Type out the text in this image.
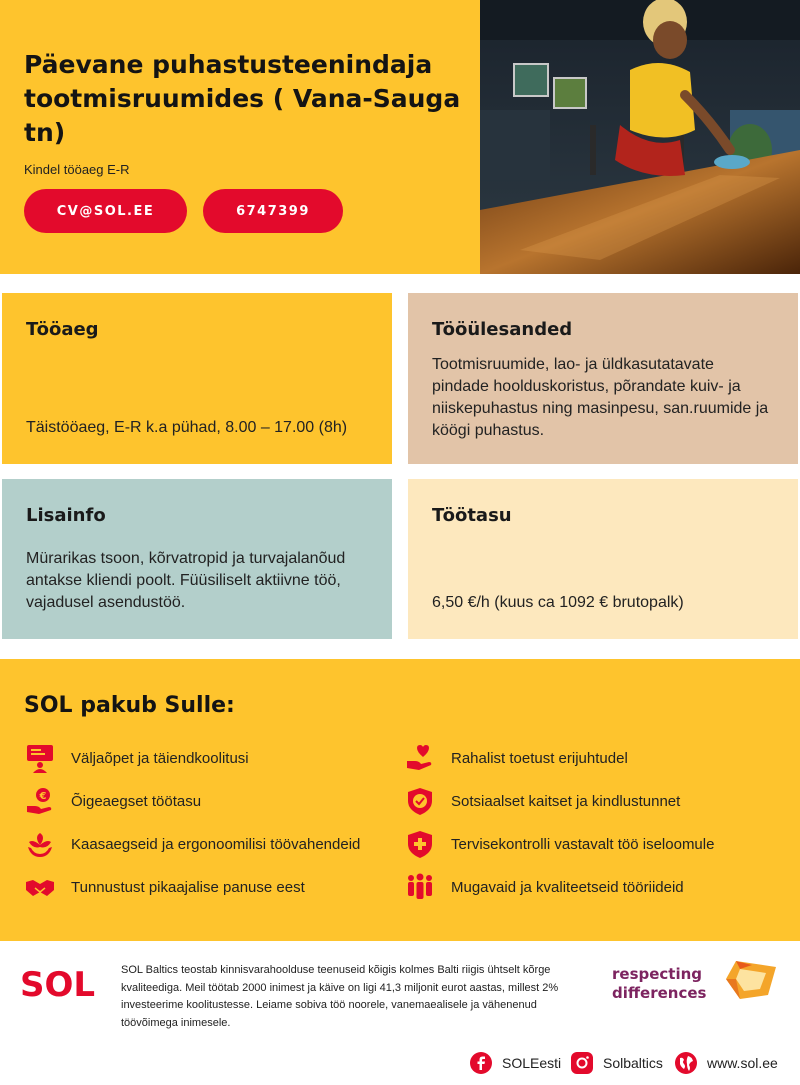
Päevane puhastusteenindaja tootmisruumides ( Vana-Sauga tn)
Kindel tööaeg E-R
CV@SOL.EE	6747399
Tööaeg

Täistööaeg, E-R k.a pühad, 8.00 – 17.00 (8h)

Tööülesanded

Tootmisruumide, lao- ja üldkasutatavate pindade hoolduskoristus, põrandate kuiv- ja niiskepuhastus ning masinpesu, san.ruumide ja köögi puhastus.

Lisainfo

Mürarikas tsoon, kõrvatropid ja turvajalanõud antakse kliendi poolt. Füüsiliselt aktiivne töö, vajadusel asendustöö.

Töötasu

6,50 €/h (kuus ca 1092 € brutopalk)

SOL pakub Sulle:
Väljaõpet ja täiendkoolitusi
€ Õigeaegset töötasu
Kaasaegseid ja ergonoomilisi töövahendeid
Tunnustust pikaajalise panuse eest
Rahalist toetust erijuhtudel
Sotsiaalset kaitset ja kindlustunnet
Tervisekontrolli vastavalt töö iseloomule
Mugavaid ja kvaliteetseid tööriideid
SOL SOL Baltics teostab kinnisvarahoolduse teenuseid kõigis kolmes Balti riigis ühtselt kõrge kvaliteediga. Meil töötab 2000 inimest ja käive on ligi 41,3 miljonit eurot aastas, millest 2% investeerime koolitustesse. Leiame sobiva töö noorele, vanemaealisele ja vähenenud töövõimega inimesele.
respecting
differences
SOLEesti	Solbaltics	www.sol.ee
